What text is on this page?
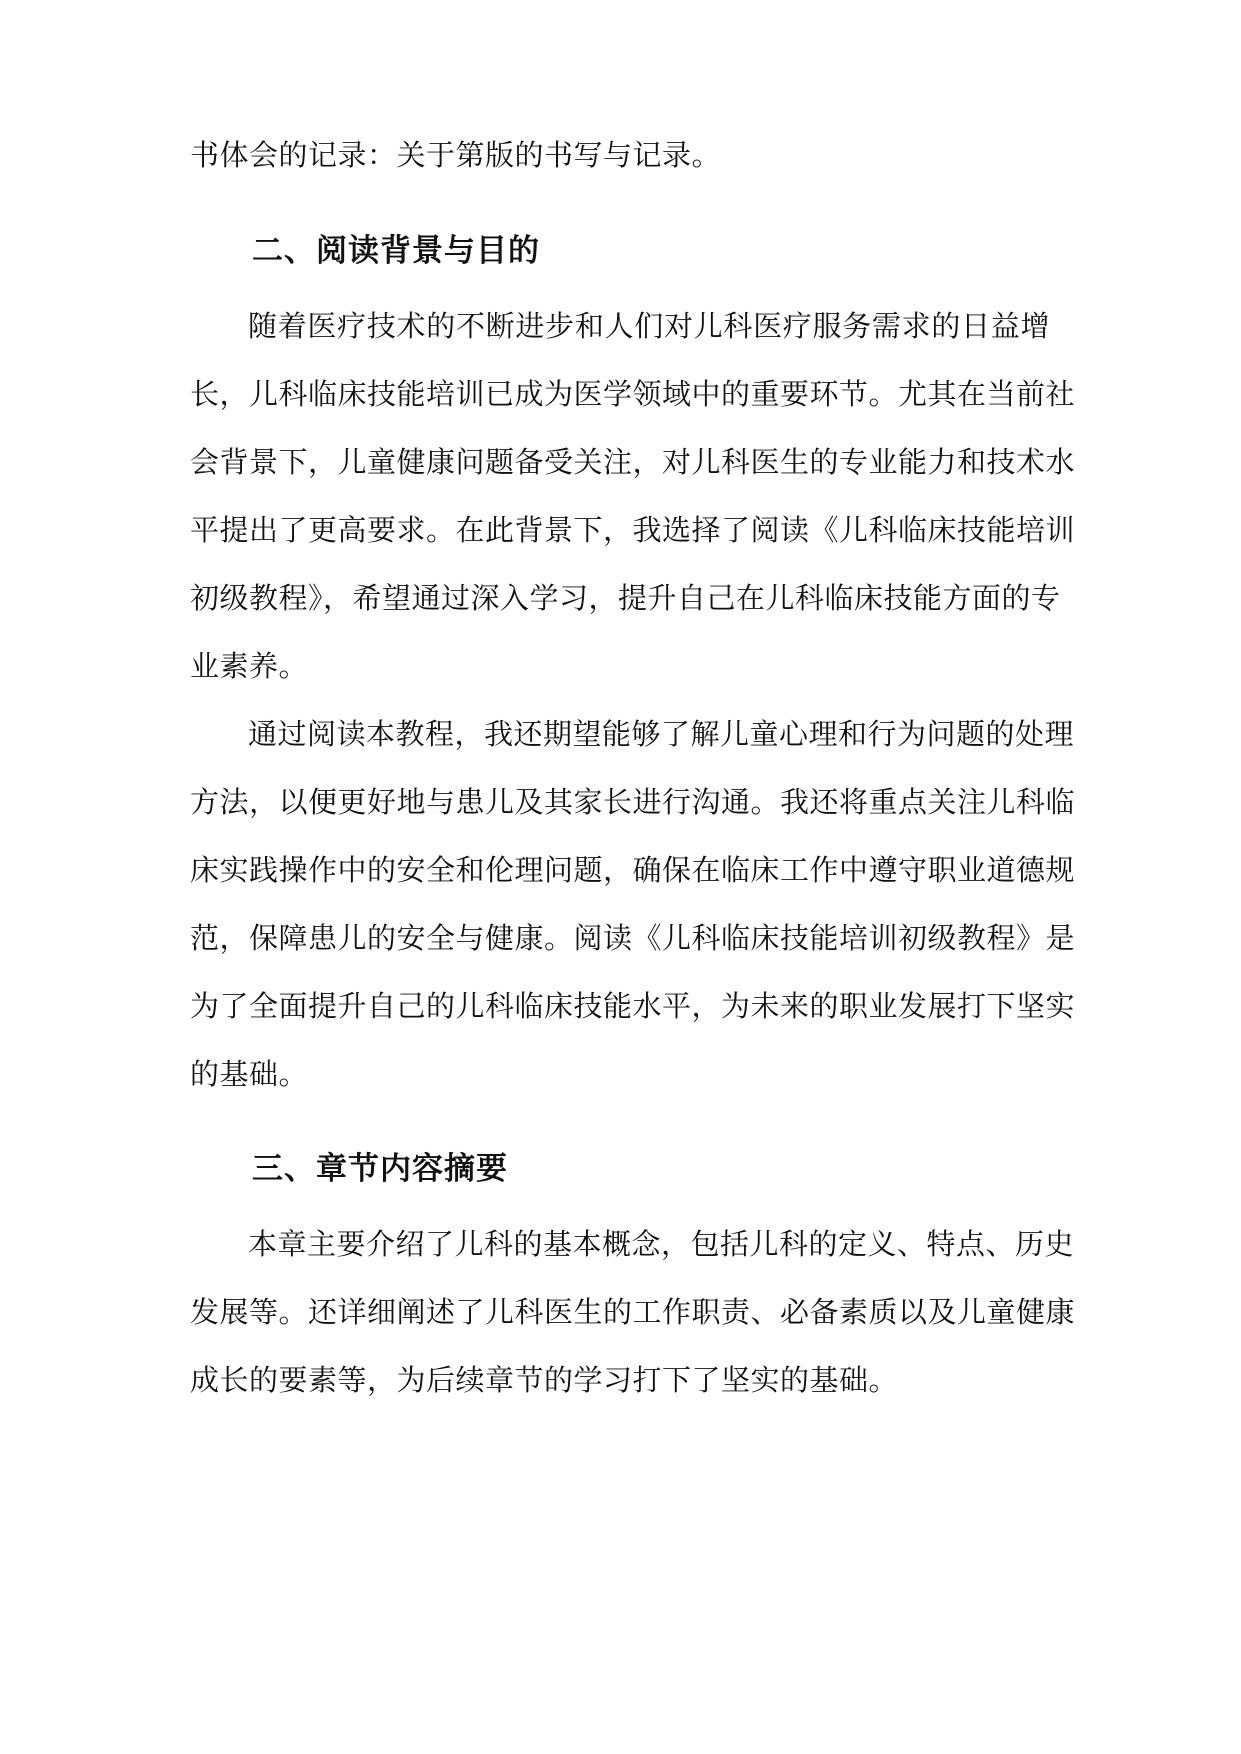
书体会的记录：关于第版的书写与记录。
二、阅读背景与目的
随着医疗技术的不断进步和人们对儿科医疗服务需求的日益增
长，儿科临床技能培训已成为医学领域中的重要环节。尤其在当前社
会背景下，儿童健康问题备受关注，对儿科医生的专业能力和技术水
平提出了更高要求。在此背景下，我选择了阅读《儿科临床技能培训
初级教程》，希望通过深入学习，提升自己在儿科临床技能方面的专
业素养。
通过阅读本教程，我还期望能够了解儿童心理和行为问题的处理
方法，以便更好地与患儿及其家长进行沟通。我还将重点关注儿科临
床实践操作中的安全和伦理问题，确保在临床工作中遵守职业道德规
范，保障患儿的安全与健康。阅读《儿科临床技能培训初级教程》是
为了全面提升自己的儿科临床技能水平，为未来的职业发展打下坚实
的基础。
三、章节内容摘要
本章主要介绍了儿科的基本概念，包括儿科的定义、特点、历史
发展等。还详细阐述了儿科医生的工作职责、必备素质以及儿童健康
成长的要素等，为后续章节的学习打下了坚实的基础。
